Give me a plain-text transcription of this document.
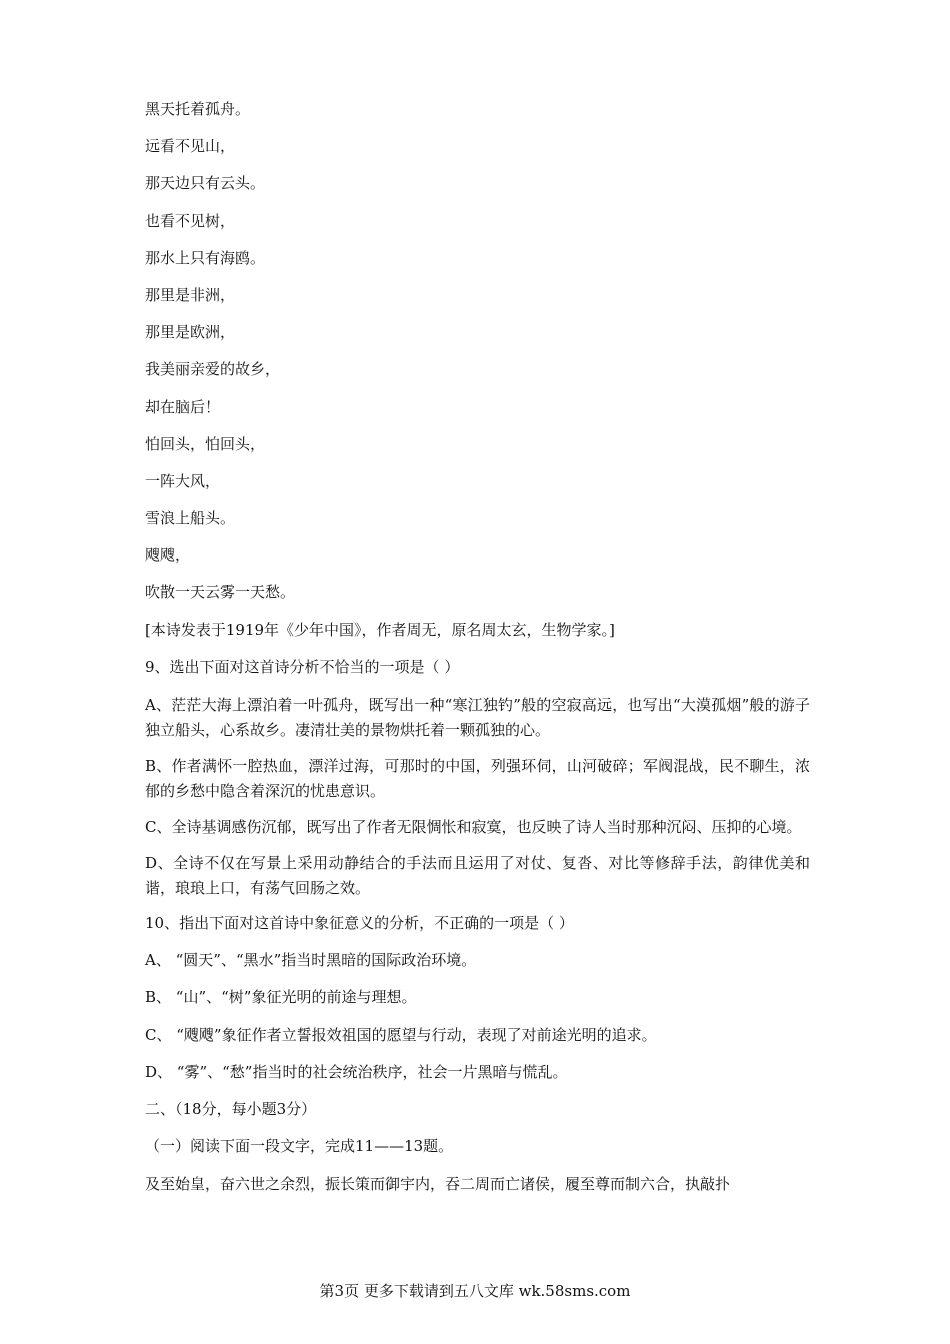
黑天托着孤舟。
远看不见山，
那天边只有云头。
也看不见树，
那水上只有海鸥。
那里是非洲，
那里是欧洲，
我美丽亲爱的故乡，
却在脑后！
怕回头，怕回头，
一阵大风，
雪浪上船头。
飕飕，
吹散一天云雾一天愁。
[本诗发表于1919年《少年中国》，作者周无，原名周太玄，生物学家。]
9、选出下面对这首诗分析不恰当的一项是（ ）
A、茫茫大海上漂泊着一叶孤舟，既写出一种“寒江独钓”般的空寂高远，也写出“大漠孤烟”般的游子独立船头，心系故乡。凄清壮美的景物烘托着一颗孤独的心。
B、作者满怀一腔热血，漂洋过海，可那时的中国，列强环伺，山河破碎；军阀混战，民不聊生，浓郁的乡愁中隐含着深沉的忧患意识。
C、全诗基调感伤沉郁，既写出了作者无限惆怅和寂寞，也反映了诗人当时那种沉闷、压抑的心境。
D、全诗不仅在写景上采用动静结合的手法而且运用了对仗、复沓、对比等修辞手法，韵律优美和谐，琅琅上口，有荡气回肠之效。
10、指出下面对这首诗中象征意义的分析，不正确的一项是（ ）
A、 “圆天”、“黑水”指当时黑暗的国际政治环境。
B、 “山”、“树”象征光明的前途与理想。
C、 “飕飕”象征作者立誓报效祖国的愿望与行动，表现了对前途光明的追求。
D、 “雾”、“愁”指当时的社会统治秩序，社会一片黑暗与慌乱。
二、（18分，每小题3分）
（一）阅读下面一段文字，完成11——13题。
及至始皇，奋六世之余烈，振长策而御宇内，吞二周而亡诸侯，履至尊而制六合，执敲扑
第3页 更多下载请到五八文库 wk.58sms.com
